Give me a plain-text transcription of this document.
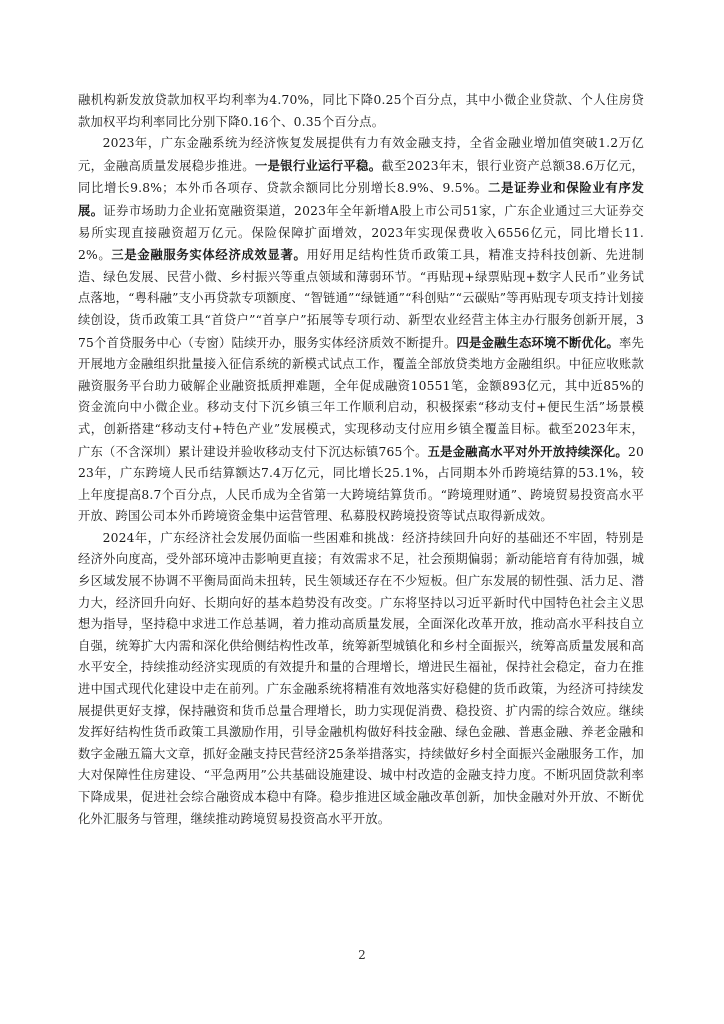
融机构新发放贷款加权平均利率为4.70%，同比下降0.25个百分点，其中小微企业贷款、个人住房贷款加权平均利率同比分别下降0.16个、0.35个百分点。

2023年，广东金融系统为经济恢复发展提供有力有效金融支持，全省金融业增加值突破1.2万亿元，金融高质量发展稳步推进。一是银行业运行平稳。截至2023年末，银行业资产总额38.6万亿元，同比增长9.8%；本外币各项存、贷款余额同比分别增长8.9%、9.5%。二是证券业和保险业有序发展。证券市场助力企业拓宽融资渠道，2023年全年新增A股上市公司51家，广东企业通过三大证券交易所实现直接融资超万亿元。保险保障扩面增效，2023年实现保费收入6556亿元，同比增长11.2%。三是金融服务实体经济成效显著。用好用足结构性货币政策工具，精准支持科技创新、先进制造、绿色发展、民营小微、乡村振兴等重点领域和薄弱环节。“再贴现+绿票贴现+数字人民币”业务试点落地，“粤科融”支小再贷款专项额度、“智链通”“绿链通”“科创贴”“云碳贴”等再贴现专项支持计划接续创设，货币政策工具“首贷户”“首享户”拓展等专项行动、新型农业经营主体主办行服务创新开展，375个首贷服务中心（专窗）陆续开办，服务实体经济质效不断提升。四是金融生态环境不断优化。率先开展地方金融组织批量接入征信系统的新模式试点工作，覆盖全部放贷类地方金融组织。中征应收账款融资服务平台助力破解企业融资抵质押难题，全年促成融资10551笔，金额893亿元，其中近85%的资金流向中小微企业。移动支付下沉乡镇三年工作顺利启动，积极探索“移动支付+便民生活”场景模式，创新搭建“移动支付+特色产业”发展模式，实现移动支付应用乡镇全覆盖目标。截至2023年末，广东（不含深圳）累计建设并验收移动支付下沉达标镇765个。五是金融高水平对外开放持续深化。2023年，广东跨境人民币结算额达7.4万亿元，同比增长25.1%，占同期本外币跨境结算的53.1%，较上年度提高8.7个百分点，人民币成为全省第一大跨境结算货币。“跨境理财通”、跨境贸易投资高水平开放、跨国公司本外币跨境资金集中运营管理、私募股权跨境投资等试点取得新成效。

2024年，广东经济社会发展仍面临一些困难和挑战：经济持续回升向好的基础还不牢固，特别是经济外向度高，受外部环境冲击影响更直接；有效需求不足，社会预期偏弱；新动能培育有待加强，城乡区域发展不协调不平衡局面尚未扭转，民生领域还存在不少短板。但广东发展的韧性强、活力足、潜力大，经济回升向好、长期向好的基本趋势没有改变。广东将坚持以习近平新时代中国特色社会主义思想为指导，坚持稳中求进工作总基调，着力推动高质量发展，全面深化改革开放，推动高水平科技自立自强，统筹扩大内需和深化供给侧结构性改革，统筹新型城镇化和乡村全面振兴，统筹高质量发展和高水平安全，持续推动经济实现质的有效提升和量的合理增长，增进民生福祉，保持社会稳定，奋力在推进中国式现代化建设中走在前列。广东金融系统将精准有效地落实好稳健的货币政策，为经济可持续发展提供更好支撑，保持融资和货币总量合理增长，助力实现促消费、稳投资、扩内需的综合效应。继续发挥好结构性货币政策工具激励作用，引导金融机构做好科技金融、绿色金融、普惠金融、养老金融和数字金融五篇大文章，抓好金融支持民营经济25条举措落实，持续做好乡村全面振兴金融服务工作，加大对保障性住房建设、“平急两用”公共基础设施建设、城中村改造的金融支持力度。不断巩固贷款利率下降成果，促进社会综合融资成本稳中有降。稳步推进区域金融改革创新，加快金融对外开放、不断优化外汇服务与管理，继续推动跨境贸易投资高水平开放。

2
